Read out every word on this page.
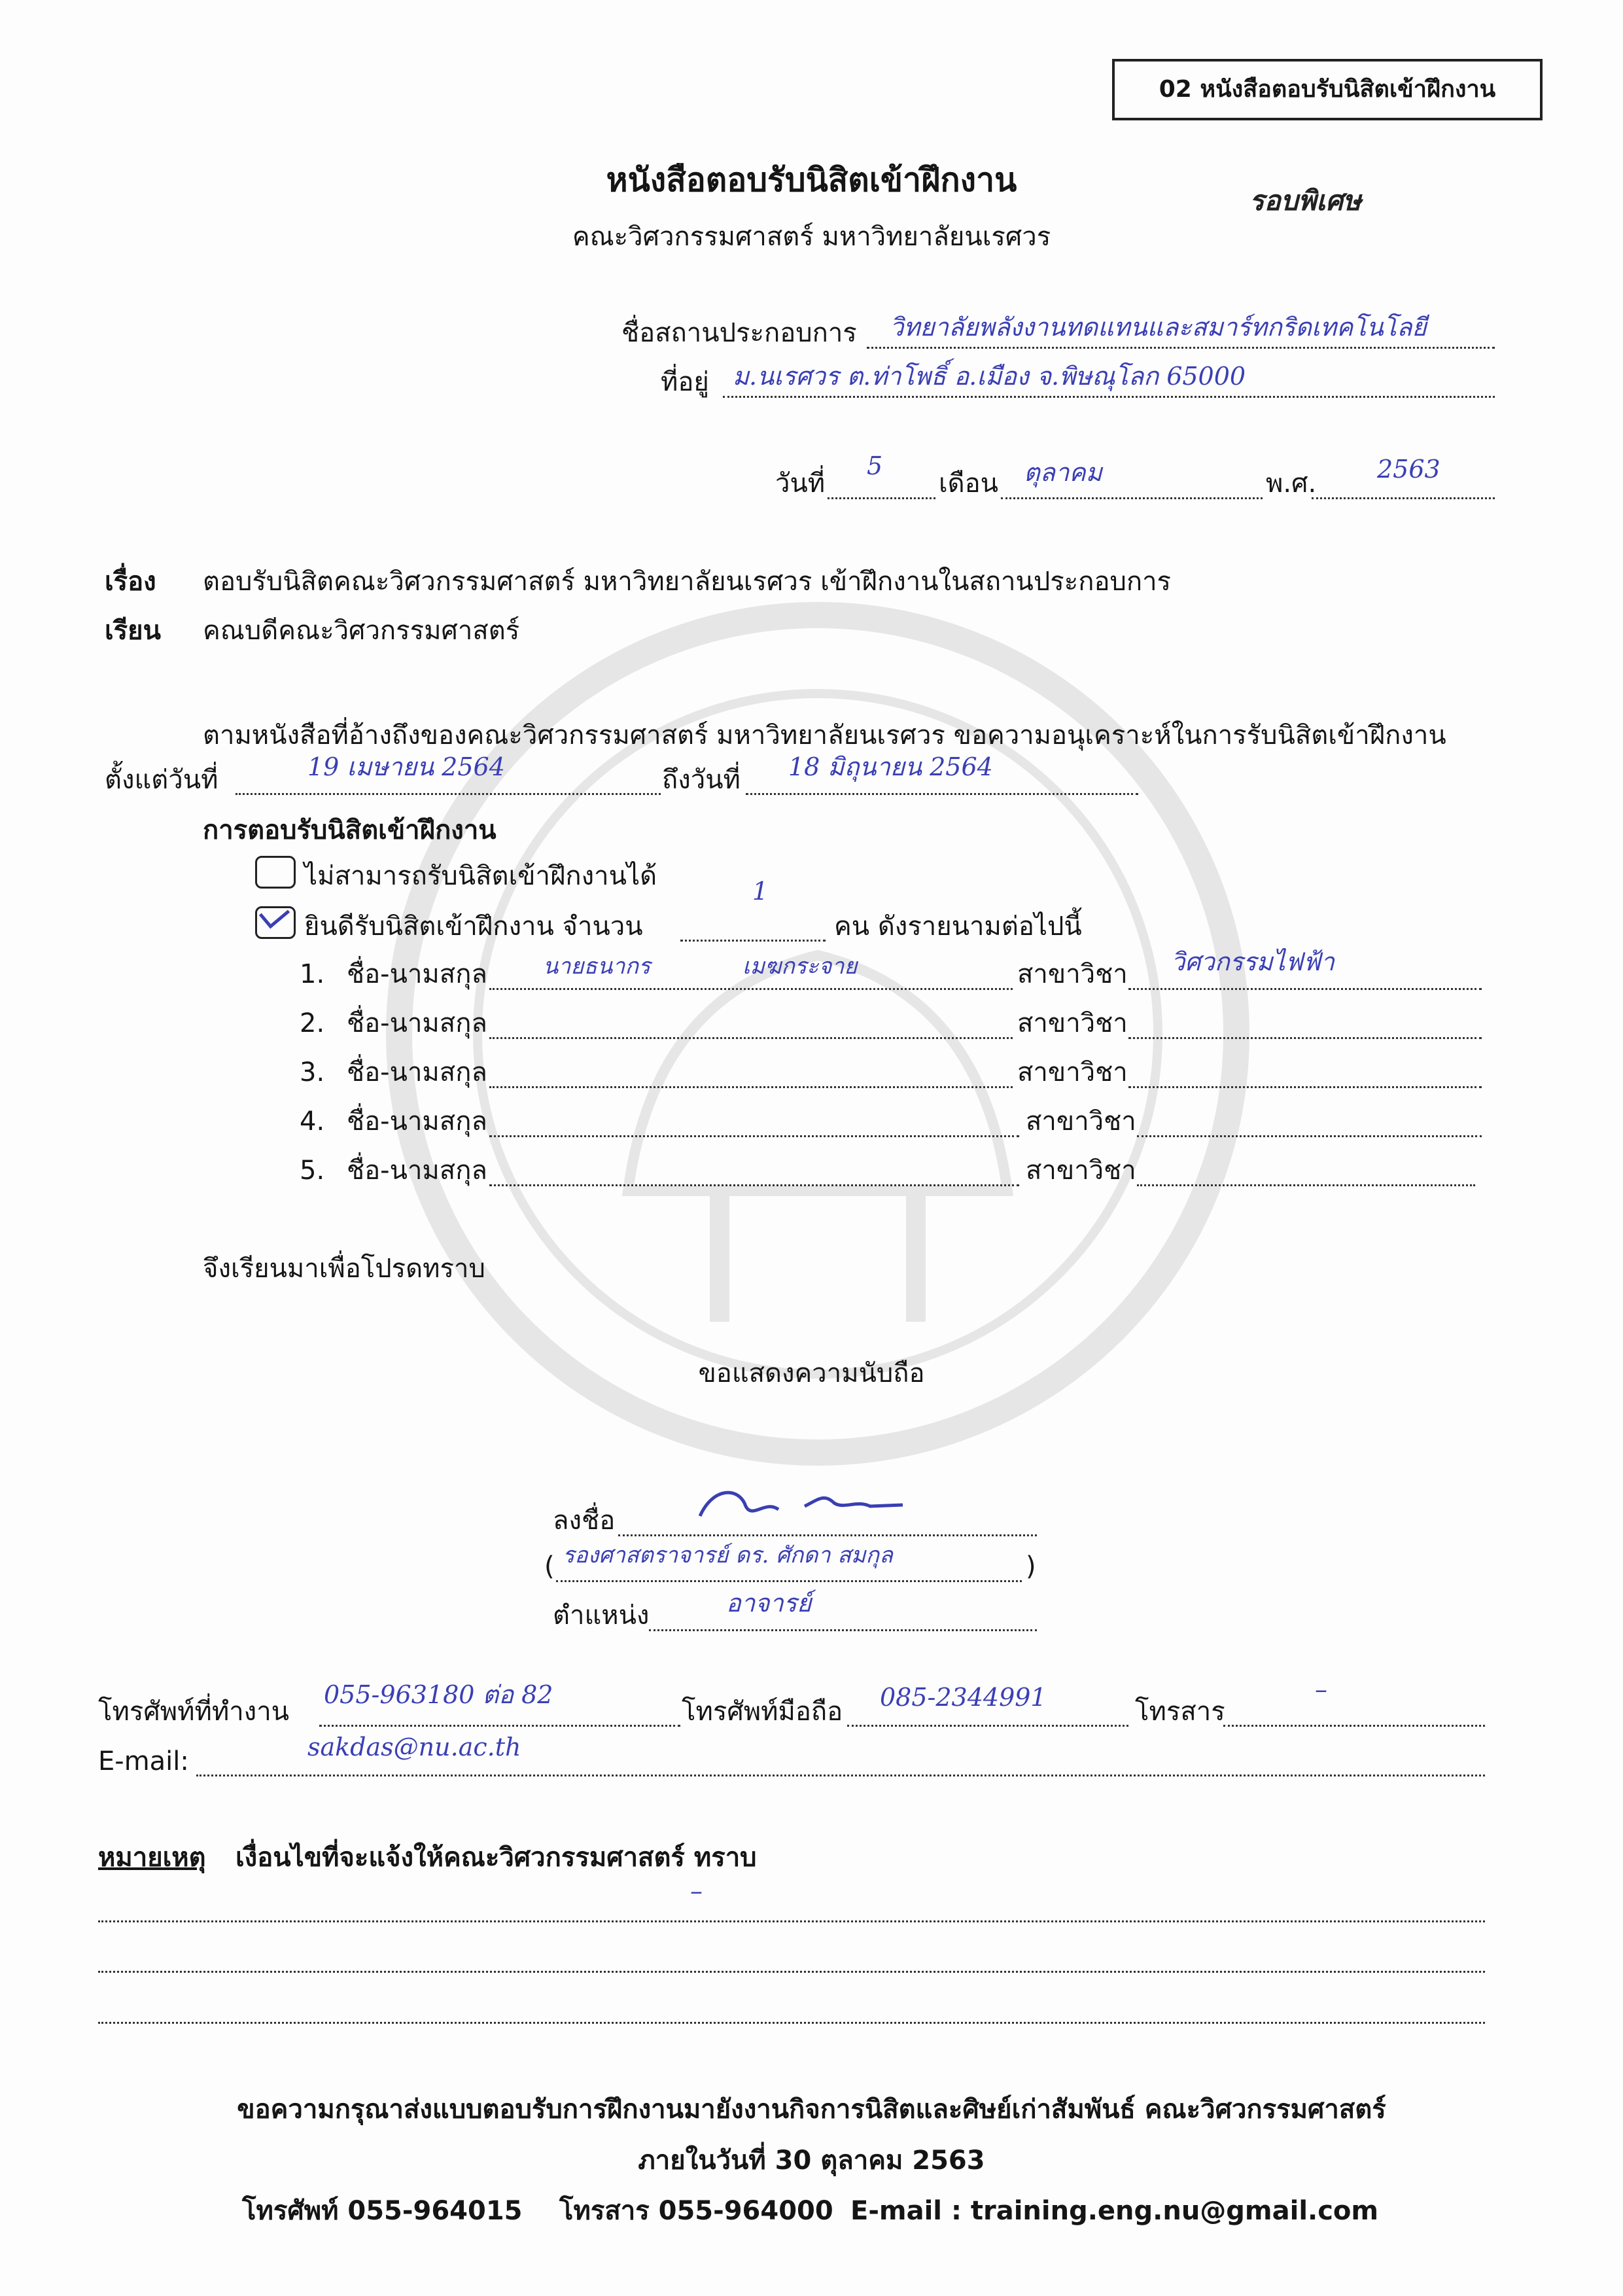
02 หนังสือตอบรับนิสิตเข้าฝึกงาน
หนังสือตอบรับนิสิตเข้าฝึกงาน
รอบพิเศษ
คณะวิศวกรรมศาสตร์ มหาวิทยาลัยนเรศวร
ชื่อสถานประกอบการ วิทยาลัยพลังงานทดแทนและสมาร์ทกริดเทคโนโลยี
ที่อยู่ ม.นเรศวร ต.ท่าโพธิ์ อ.เมือง จ.พิษณุโลก 65000
วันที่
5
เดือน ตุลาคม	พ.ศ. 2563
เรื่อง ตอบรับนิสิตคณะวิศวกรรมศาสตร์ มหาวิทยาลัยนเรศวร เข้าฝึกงานในสถานประกอบการ
เรียน คณบดีคณะวิศวกรรมศาสตร์
ตามหนังสือที่อ้างถึงของคณะวิศวกรรมศาสตร์ มหาวิทยาลัยนเรศวร ขอความอนุเคราะห์ในการรับนิสิตเข้าฝึกงาน
ตั้งแต่วันที่	19 เมษายน 2564	ถึงวันที่ 18 มิถุนายน 2564
การตอบรับนิสิตเข้าฝึกงาน
ไม่สามารถรับนิสิตเข้าฝึกงานได้
ยินดีรับนิสิตเข้าฝึกงาน จำนวน
1
คน ดังรายนามต่อไปนี้
1. ชื่อ-นามสกุล	นายธนากร	เมฆกระจาย	สาขาวิชา วิศวกรรมไฟฟ้า
2. ชื่อ-นามสกุล	สาขาวิชา
3. ชื่อ-นามสกุล	สาขาวิชา
4. ชื่อ-นามสกุล	สาขาวิชา
5. ชื่อ-นามสกุล	สาขาวิชา
จึงเรียนมาเพื่อโปรดทราบ
ขอแสดงความนับถือ
ลงชื่อ
( รองศาสตราจารย์ ดร. ศักดา สมกุล	)
ตำแหน่ง	อาจารย์
โทรศัพท์ที่ทำงาน
055-963180 ต่อ 82
โทรศัพท์มือถือ 085-2344991	โทรสาร
–
E-mail:	sakdas@nu.ac.th
หมายเหตุ เงื่อนไขที่จะแจ้งให้คณะวิศวกรรมศาสตร์ ทราบ
–
ขอความกรุณาส่งแบบตอบรับการฝึกงานมายังงานกิจการนิสิตและศิษย์เก่าสัมพันธ์ คณะวิศวกรรมศาสตร์
ภายในวันที่ 30 ตุลาคม 2563
โทรศัพท์ 055-964015 โทรสาร 055-964000 E-mail : training.eng.nu@gmail.com
